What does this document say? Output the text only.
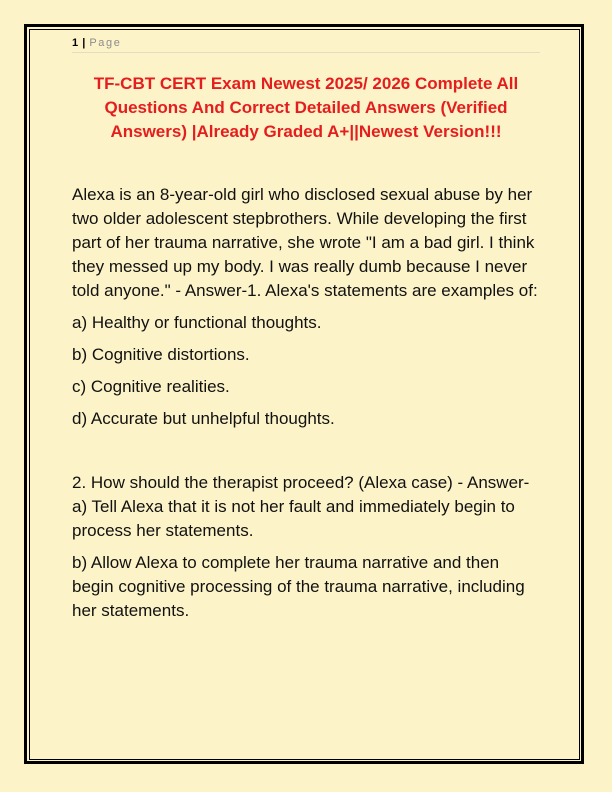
1 | Page
TF-CBT CERT Exam Newest 2025/ 2026 Complete All Questions And Correct Detailed Answers (Verified Answers) |Already Graded A+||Newest Version!!!

Alexa is an 8-year-old girl who disclosed sexual abuse by her two older adolescent stepbrothers. While developing the first part of her trauma narrative, she wrote "I am a bad girl. I think they messed up my body. I was really dumb because I never told anyone." - Answer-1. Alexa's statements are examples of:

a) Healthy or functional thoughts.

b) Cognitive distortions.

c) Cognitive realities.

d) Accurate but unhelpful thoughts.

2. How should the therapist proceed? (Alexa case) - Answer-a) Tell Alexa that it is not her fault and immediately begin to process her statements.

b) Allow Alexa to complete her trauma narrative and then begin cognitive processing of the trauma narrative, including her statements.
